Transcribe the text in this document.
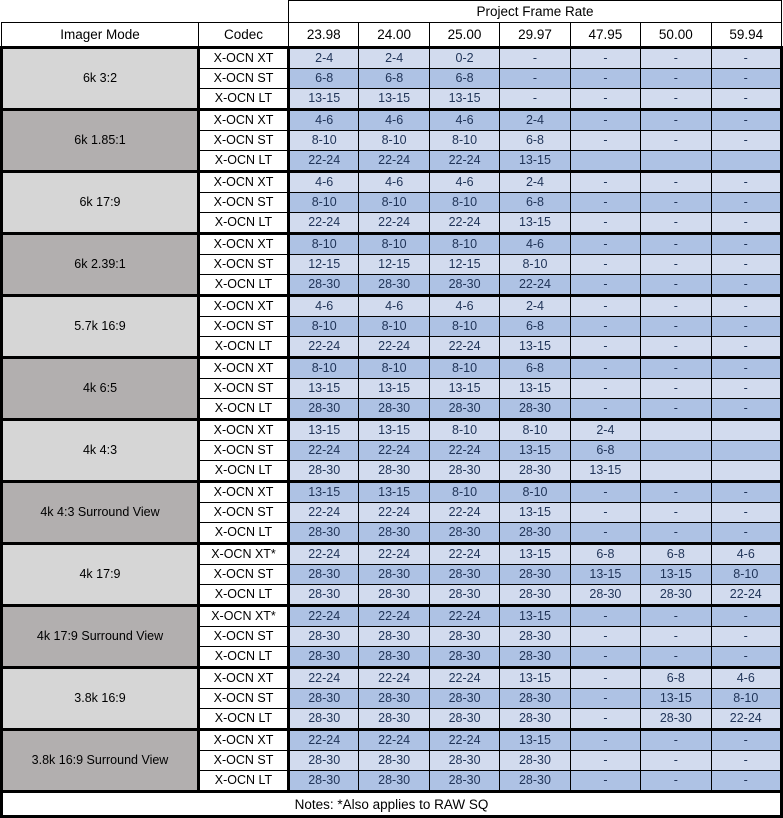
		Project Frame Rate						
Imager Mode	Codec	23.98	24.00	25.00	29.97	47.95	50.00	59.94
6k 3:2	X-OCN XT	2-4	2-4	0-2	-	-	-	-
	X-OCN ST	6-8	6-8	6-8	-	-	-	-
	X-OCN LT	13-15	13-15	13-15	-	-	-	-
6k 1.85:1	X-OCN XT	4-6	4-6	4-6	2-4	-	-	-
	X-OCN ST	8-10	8-10	8-10	6-8	-	-	-
	X-OCN LT	22-24	22-24	22-24	13-15			
6k 17:9	X-OCN XT	4-6	4-6	4-6	2-4	-	-	-
	X-OCN ST	8-10	8-10	8-10	6-8	-	-	-
	X-OCN LT	22-24	22-24	22-24	13-15	-	-	-
6k 2.39:1	X-OCN XT	8-10	8-10	8-10	4-6	-	-	-
	X-OCN ST	12-15	12-15	12-15	8-10	-	-	-
	X-OCN LT	28-30	28-30	28-30	22-24	-	-	-
5.7k 16:9	X-OCN XT	4-6	4-6	4-6	2-4	-	-	-
	X-OCN ST	8-10	8-10	8-10	6-8	-	-	-
	X-OCN LT	22-24	22-24	22-24	13-15	-	-	-
4k 6:5	X-OCN XT	8-10	8-10	8-10	6-8	-	-	-
	X-OCN ST	13-15	13-15	13-15	13-15	-	-	-
	X-OCN LT	28-30	28-30	28-30	28-30	-	-	-
4k 4:3	X-OCN XT	13-15	13-15	8-10	8-10	2-4		
	X-OCN ST	22-24	22-24	22-24	13-15	6-8		
	X-OCN LT	28-30	28-30	28-30	28-30	13-15		
4k 4:3 Surround View	X-OCN XT	13-15	13-15	8-10	8-10	-	-	-
	X-OCN ST	22-24	22-24	22-24	13-15	-	-	-
	X-OCN LT	28-30	28-30	28-30	28-30	-	-	-
4k 17:9	X-OCN XT*	22-24	22-24	22-24	13-15	6-8	6-8	4-6
	X-OCN ST	28-30	28-30	28-30	28-30	13-15	13-15	8-10
	X-OCN LT	28-30	28-30	28-30	28-30	28-30	28-30	22-24
4k 17:9 Surround View	X-OCN XT*	22-24	22-24	22-24	13-15	-	-	-
	X-OCN ST	28-30	28-30	28-30	28-30	-	-	-
	X-OCN LT	28-30	28-30	28-30	28-30	-	-	-
3.8k 16:9	X-OCN XT	22-24	22-24	22-24	13-15	-	6-8	4-6
	X-OCN ST	28-30	28-30	28-30	28-30	-	13-15	8-10
	X-OCN LT	28-30	28-30	28-30	28-30	-	28-30	22-24
3.8k 16:9 Surround View	X-OCN XT	22-24	22-24	22-24	13-15	-	-	-
	X-OCN ST	28-30	28-30	28-30	28-30	-	-	-
	X-OCN LT	28-30	28-30	28-30	28-30	-	-	-
Notes: *Also applies to RAW SQ								
